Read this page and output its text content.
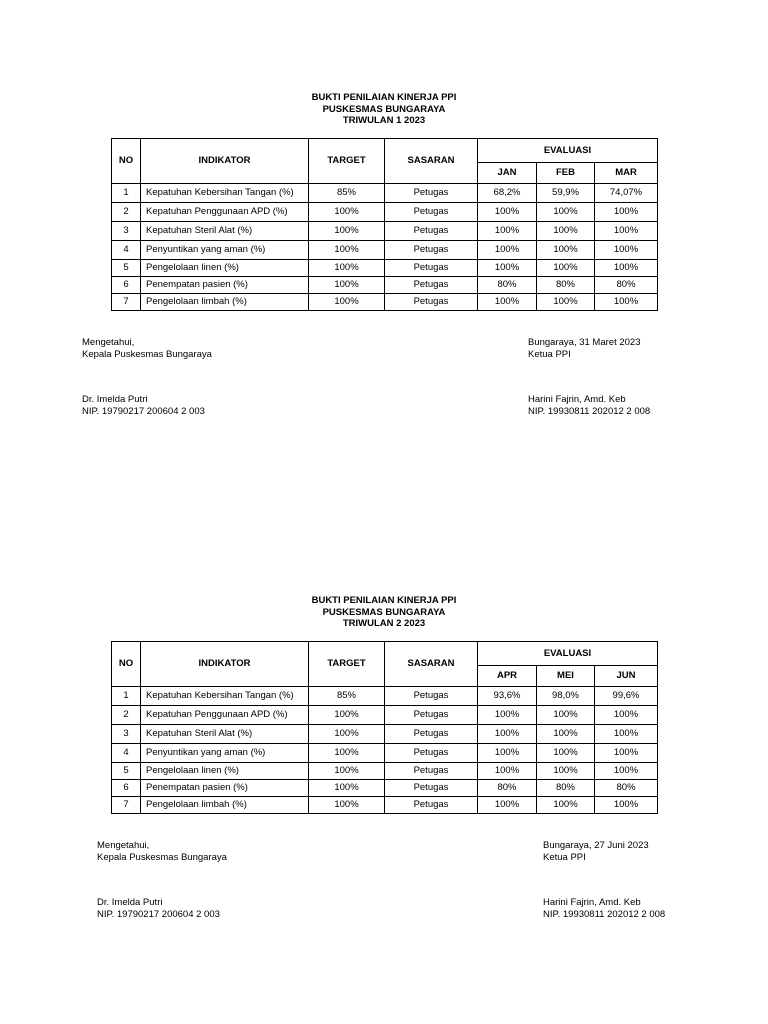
BUKTI PENILAIAN KINERJA PPI
PUSKESMAS BUNGARAYA
TRIWULAN 1 2023
NO	INDIKATOR	TARGET	SASARAN	EVALUASI		
				JAN	FEB	MAR
1	Kepatuhan Kebersihan Tangan (%)	85%	Petugas	68,2%	59,9%	74,07%
2	Kepatuhan Penggunaan APD (%)	100%	Petugas	100%	100%	100%
3	Kepatuhan Steril Alat (%)	100%	Petugas	100%	100%	100%
4	Penyuntikan yang aman (%)	100%	Petugas	100%	100%	100%
5	Pengelolaan linen (%)	100%	Petugas	100%	100%	100%
6	Penempatan pasien (%)	100%	Petugas	80%	80%	80%
7	Pengelolaan limbah (%)	100%	Petugas	100%	100%	100%
Mengetahui,
Kepala Puskesmas Bungaraya
Dr. Imelda Putri
NIP. 19790217 200604 2 003
Bungaraya, 31 Maret 2023
Ketua PPI
Harini Fajrin, Amd. Keb
NIP. 19930811 202012 2 008
BUKTI PENILAIAN KINERJA PPI
PUSKESMAS BUNGARAYA
TRIWULAN 2 2023
NO	INDIKATOR	TARGET	SASARAN	EVALUASI		
				APR	MEI	JUN
1	Kepatuhan Kebersihan Tangan (%)	85%	Petugas	93,6%	98,0%	99,6%
2	Kepatuhan Penggunaan APD (%)	100%	Petugas	100%	100%	100%
3	Kepatuhan Steril Alat (%)	100%	Petugas	100%	100%	100%
4	Penyuntikan yang aman (%)	100%	Petugas	100%	100%	100%
5	Pengelolaan linen (%)	100%	Petugas	100%	100%	100%
6	Penempatan pasien (%)	100%	Petugas	80%	80%	80%
7	Pengelolaan limbah (%)	100%	Petugas	100%	100%	100%
Mengetahui,
Kepala Puskesmas Bungaraya
Dr. Imelda Putri
NIP. 19790217 200604 2 003
Bungaraya, 27 Juni 2023
Ketua PPI
Harini Fajrin, Amd. Keb
NIP. 19930811 202012 2 008
